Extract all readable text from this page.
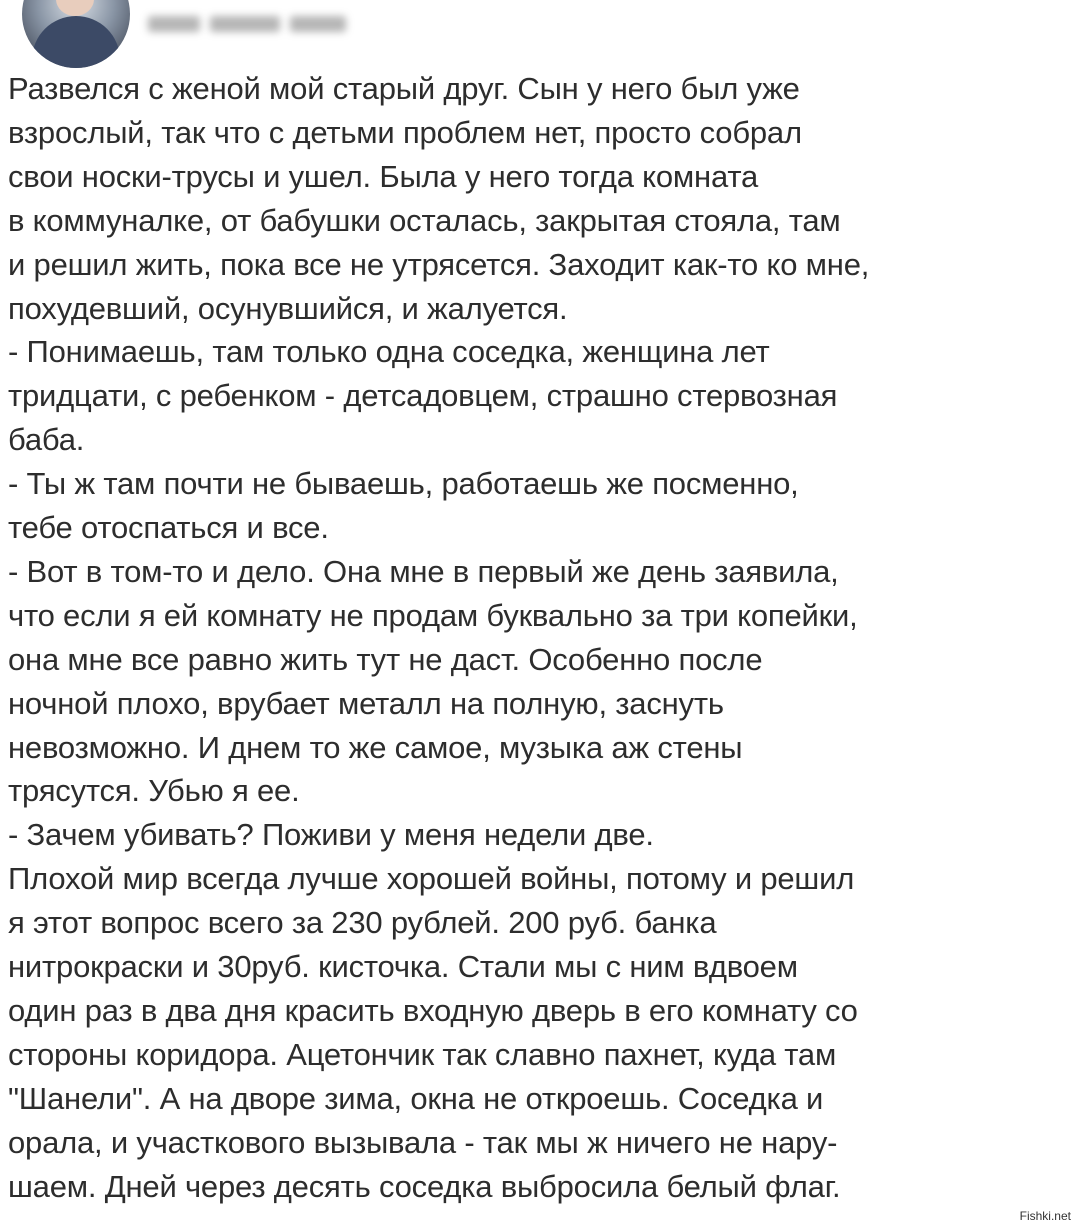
Развелся с женой мой старый друг. Сын у него был уже

взрослый, так что с детьми проблем нет, просто собрал

свои носки-трусы и ушел. Была у него тогда комната

в коммуналке, от бабушки осталась, закрытая стояла, там

и решил жить, пока все не утрясется. Заходит как-то ко мне,

похудевший, осунувшийся, и жалуется.

- Понимаешь, там только одна соседка, женщина лет

тридцати, с ребенком - детсадовцем, страшно стервозная

баба.

- Ты ж там почти не бываешь, работаешь же посменно,

тебе отоспаться и все.

- Вот в том-то и дело. Она мне в первый же день заявила,

что если я ей комнату не продам буквально за три копейки,

она мне все равно жить тут не даст. Особенно после

ночной плохо, врубает металл на полную, заснуть

невозможно. И днем то же самое, музыка аж стены

трясутся. Убью я ее.

- Зачем убивать? Поживи у меня недели две.

Плохой мир всегда лучше хорошей войны, потому и решил

я этот вопрос всего за 230 рублей. 200 руб. банка

нитрокраски и 30руб. кисточка. Стали мы с ним вдвоем

один раз в два дня красить входную дверь в его комнату со

стороны коридора. Ацетончик так славно пахнет, куда там

"Шанели". А на дворе зима, окна не откроешь. Соседка и

орала, и участкового вызывала - так мы ж ничего не нару-

шаем. Дней через десять соседка выбросила белый флаг.

Fishki.net
